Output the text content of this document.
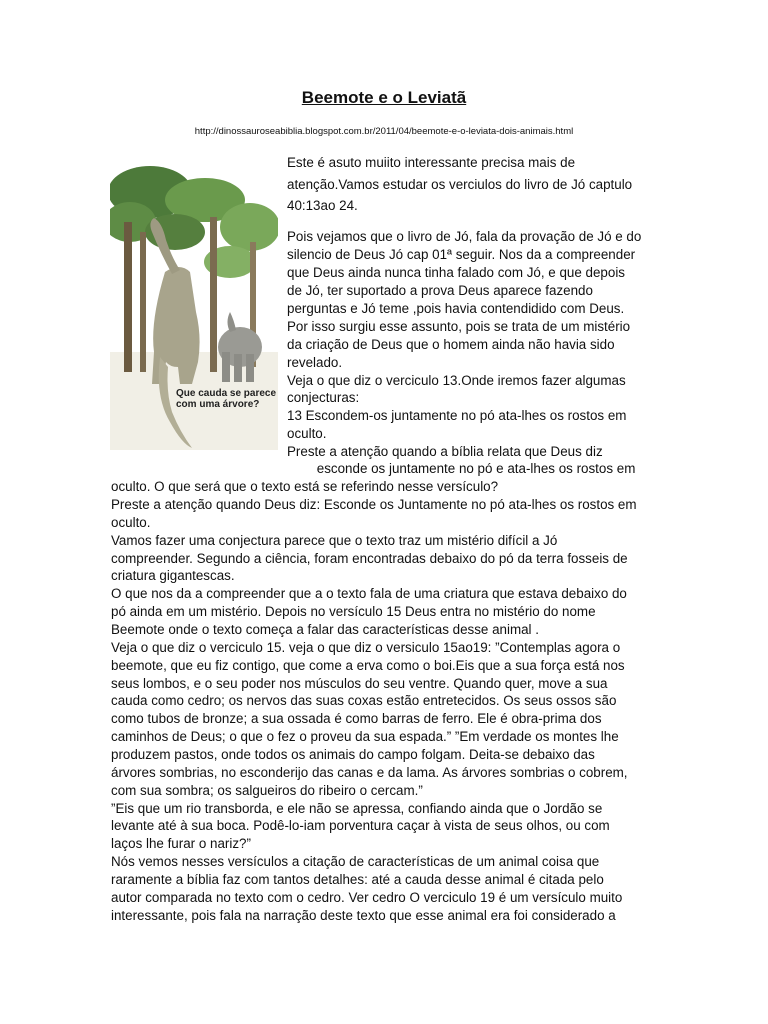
Beemote e o Leviatã
http://dinossauroseabiblia.blogspot.com.br/2011/04/beemote-e-o-leviata-dois-animais.html
Que cauda se parece
com uma árvore?

Este é asuto muiito interessante precisa mais de

atenção.Vamos estudar os verciulos do livro de Jó captulo

40:13ao 24.

Pois vejamos que o livro de Jó, fala da provação de Jó e do

silencio de Deus Jó cap 01ª seguir. Nos da a compreender

que Deus ainda nunca tinha falado com Jó, e que depois

de Jó, ter suportado a prova Deus aparece fazendo

perguntas e Jó teme ,pois havia contendidido com Deus.

Por isso surgiu esse assunto, pois se trata de um mistério

da criação de Deus que o homem ainda não havia sido

revelado.

Veja o que diz o verciculo 13.Onde iremos fazer algumas

conjecturas:

13 Escondem-os juntamente no pó ata-lhes os rostos em

oculto.

Preste a atenção quando a bíblia relata que Deus diz

esconde os juntamente no pó e ata-lhes os rostos em

oculto. O que será que o texto está se referindo nesse versículo?

Preste a atenção quando Deus diz: Esconde os Juntamente no pó ata-lhes os rostos em

oculto.

Vamos fazer uma conjectura parece que o texto traz um mistério difícil a Jó

compreender. Segundo a ciência, foram encontradas debaixo do pó da terra fosseis de

criatura gigantescas.

O que nos da a compreender que a o texto fala de uma criatura que estava debaixo do

pó ainda em um mistério. Depois no versículo 15 Deus entra no mistério do nome

Beemote onde o texto começa a falar das características desse animal .

Veja o que diz o verciculo 15. veja o que diz o versiculo 15ao19: ”Contemplas agora o

beemote, que eu fiz contigo, que come a erva como o boi.Eis que a sua força está nos

seus lombos, e o seu poder nos músculos do seu ventre. Quando quer, move a sua

cauda como cedro; os nervos das suas coxas estão entretecidos. Os seus ossos são

como tubos de bronze; a sua ossada é como barras de ferro. Ele é obra-prima dos

caminhos de Deus; o que o fez o proveu da sua espada.” ”Em verdade os montes lhe

produzem pastos, onde todos os animais do campo folgam. Deita-se debaixo das

árvores sombrias, no esconderijo das canas e da lama. As árvores sombrias o cobrem,

com sua sombra; os salgueiros do ribeiro o cercam.”

”Eis que um rio transborda, e ele não se apressa, confiando ainda que o Jordão se

levante até à sua boca. Podê-lo-iam porventura caçar à vista de seus olhos, ou com

laços lhe furar o nariz?”

Nós vemos nesses versículos a citação de características de um animal coisa que

raramente a bíblia faz com tantos detalhes: até a cauda desse animal é citada pelo

autor comparada no texto com o cedro. Ver cedro O verciculo 19 é um versículo muito

interessante, pois fala na narração deste texto que esse animal era foi considerado a
